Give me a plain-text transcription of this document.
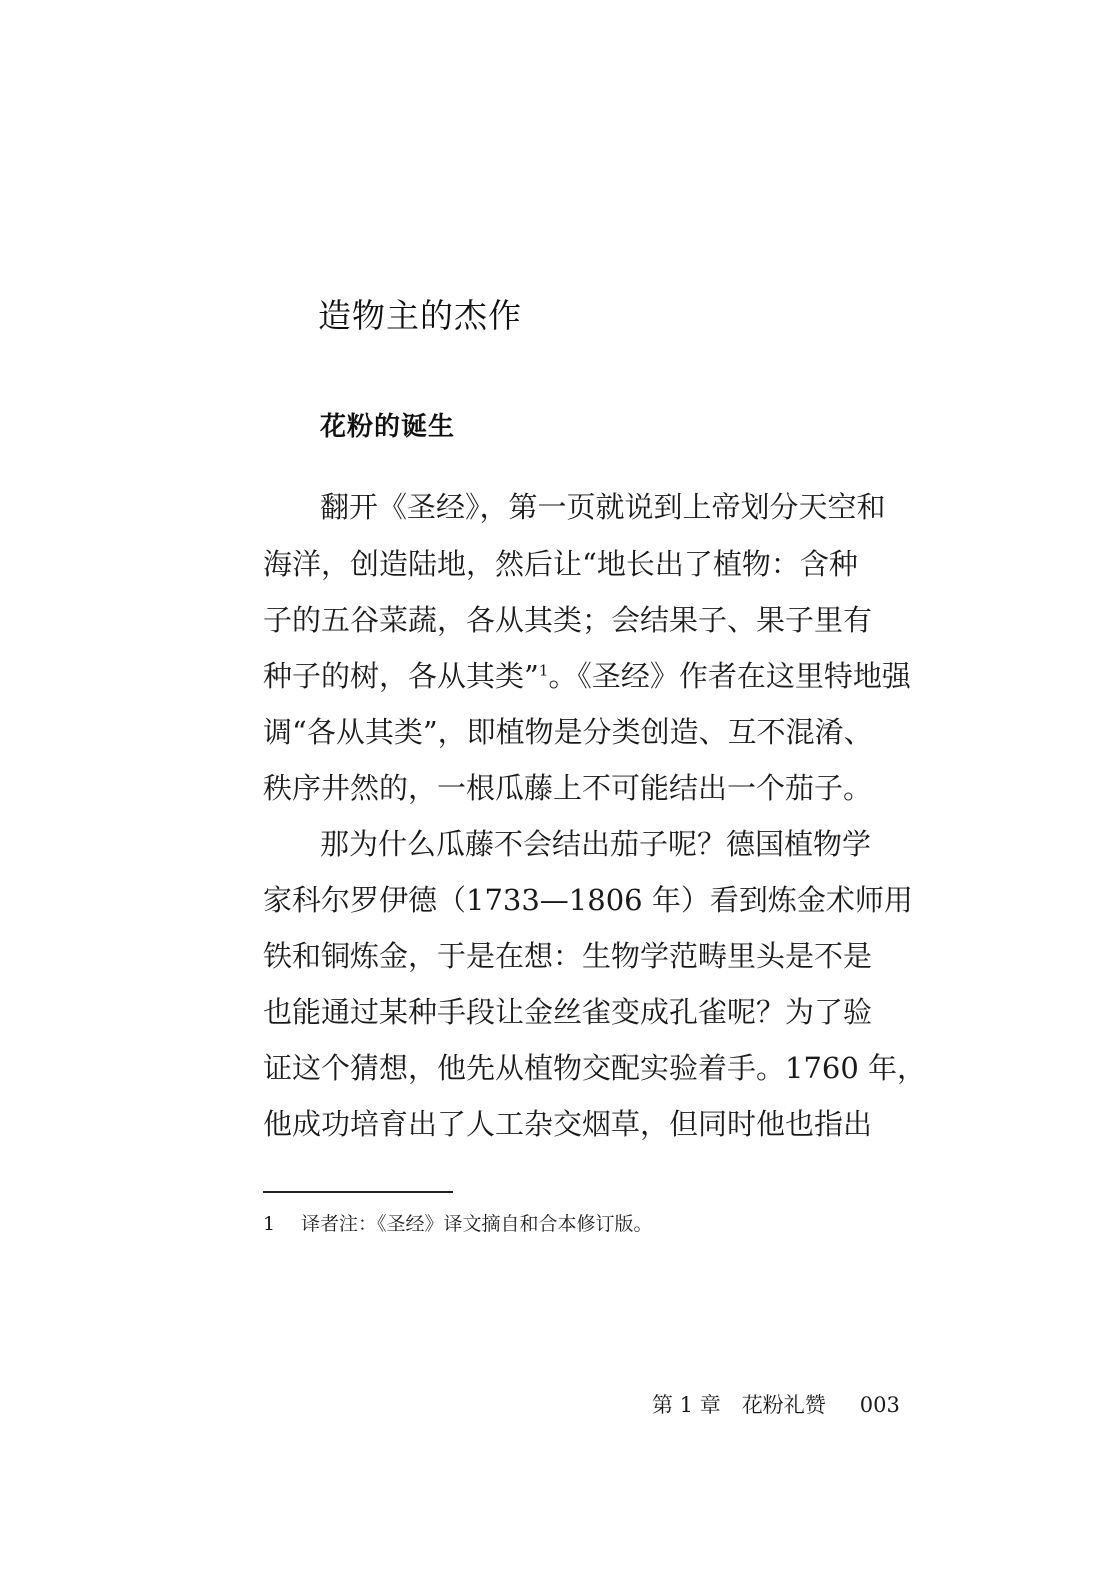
造物主的杰作
花粉的诞生
翻开《圣经》，第一页就说到上帝划分天空和
海洋，创造陆地，然后让“地长出了植物：含种
子的五谷菜蔬，各从其类；会结果子、果子里有
种子的树，各从其类”$^1$。《圣经》作者在这里特地强
调“各从其类”，即植物是分类创造、互不混淆、
秩序井然的，一根瓜藤上不可能结出一个茄子。
那为什么瓜藤不会结出茄子呢？德国植物学
家科尔罗伊德（1733—1806 年）看到炼金术师用
铁和铜炼金，于是在想：生物学范畴里头是不是
也能通过某种手段让金丝雀变成孔雀呢？为了验
证这个猜想，他先从植物交配实验着手。1760 年，
他成功培育出了人工杂交烟草，但同时他也指出
1 译者注：《圣经》译文摘自和合本修订版。
第 1 章　花粉礼赞 003
